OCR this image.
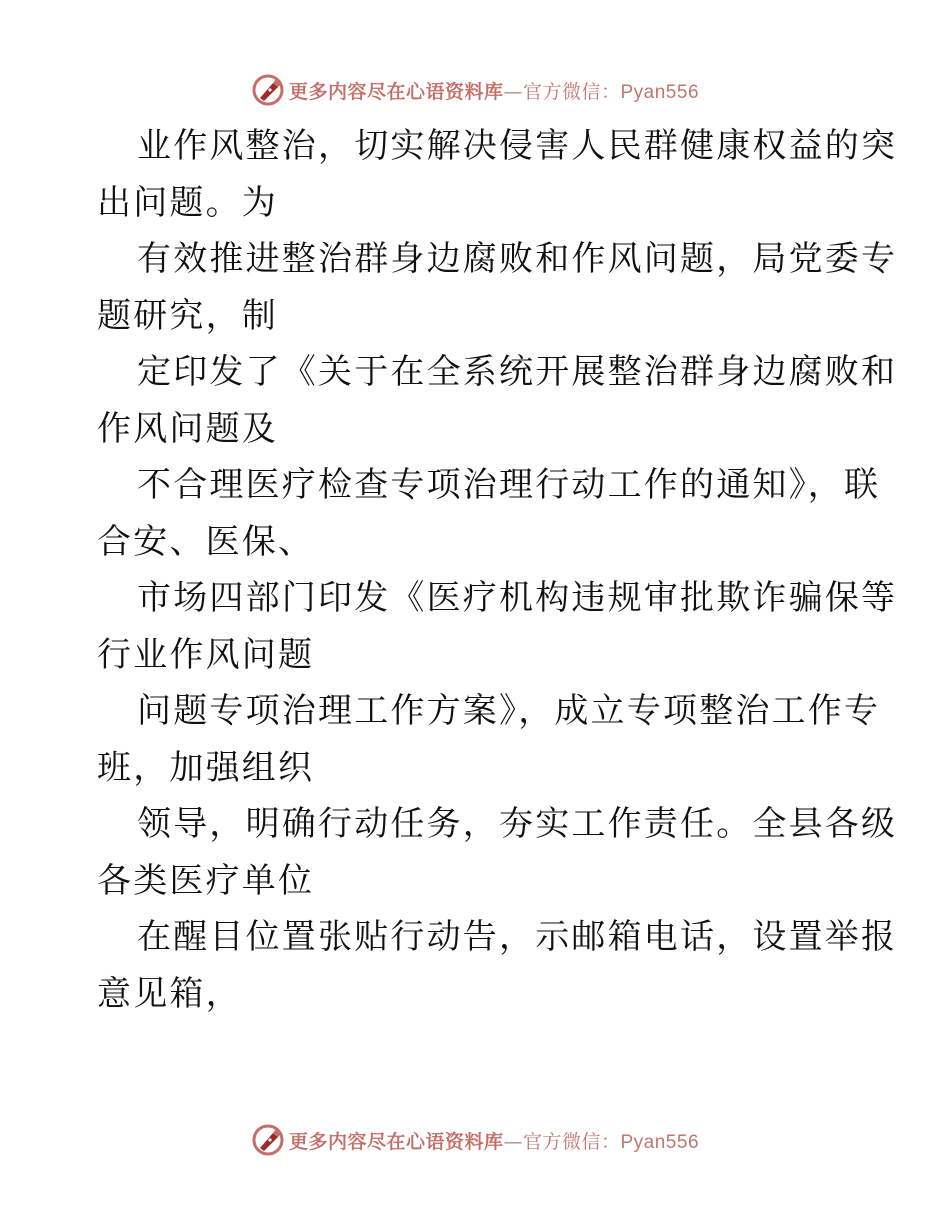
更多内容尽在心语资料库—官方微信：Pyan556
业作风整治，切实解决侵害人民群健康权益的突
出问题。为
有效推进整治群身边腐败和作风问题，局党委专
题研究，制
定印发了《关于在全系统开展整治群身边腐败和
作风问题及
不合理医疗检查专项治理行动工作的通知》，联
合安、医保、
市场四部门印发《医疗机构违规审批欺诈骗保等
行业作风问题
问题专项治理工作方案》，成立专项整治工作专
班，加强组织
领导，明确行动任务，夯实工作责任。全县各级
各类医疗单位
在醒目位置张贴行动告，示邮箱电话，设置举报
意见箱，
更多内容尽在心语资料库—官方微信：Pyan556
